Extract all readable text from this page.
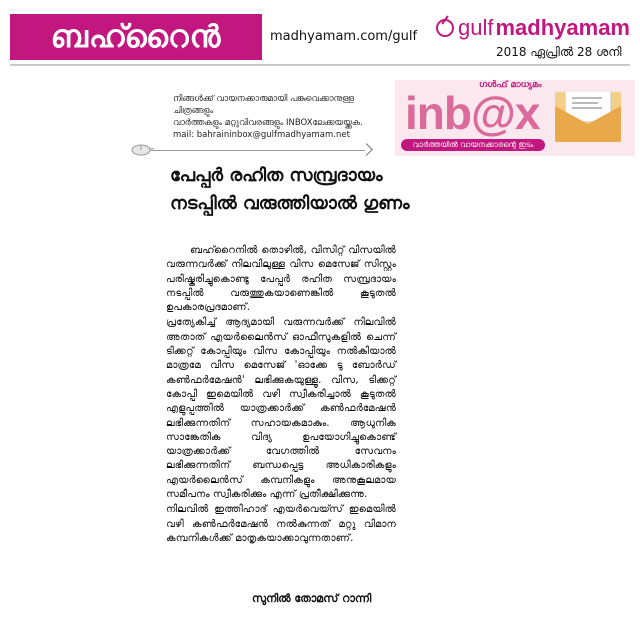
ബഹ്റൈൻ	madhyamam.com/gulf gulf madhyamam
2018 ഏപ്രിൽ 28 ശനി
നിങ്ങൾക്ക് വായനക്കാരുമായി പങ്കുവെക്കാനുള്ള ചിത്രങ്ങളും
വാർത്തകളും മറ്റുവിവരങ്ങളും INBOXലേക്കയയ്ക്കുക.
mail: bahraininbox@gulfmadhyamam.net
ഗൾഫ് മാധ്യമം
inb@x
വാർത്തയിൽ വായനക്കാരന്റെ ഇടം
പേപ്പർ രഹിത സമ്പ്രദായം നടപ്പിൽ വരുത്തിയാൽ ഗുണം

ബഹ്റൈനിൽ തൊഴിൽ, വിസിറ്റ് വിസയിൽ വരുന്നവർക്ക് നിലവിലുള്ള വിസ മെസേജ് സിസ്റ്റം പരിഷ്കരിച്ചുകൊണ്ടു പേപ്പർ രഹിത സമ്പ്രദായം നടപ്പിൽ വരുത്തുകയാണെങ്കിൽ കൂടുതൽ ഉപകാരപ്രദമാണ്.

പ്രത്യേകിച്ച് ആദ്യമായി വരുന്നവർക്ക് നിലവിൽ അതാത് എയർലൈൻസ് ഓഫീസുകളിൽ ചെന്ന് ടിക്കറ്റ് കോപ്പിയും വിസ കോപ്പിയും നൽകിയാൽ മാത്രമേ വിസ മെസേജ് 'ഓക്കേ ടു ബോർഡ് കൺഫർമേഷൻ' ലഭിക്കുകയുള്ളൂ. വിസ, ടിക്കറ്റ് കോപ്പി ഇമെയിൽ വഴി സ്വീകരിച്ചാൽ കൂടുതൽ എളുപ്പത്തിൽ യാത്രക്കാർക്ക് കൺഫർമേഷൻ ലഭിക്കുന്നതിന് സഹായകമാകും. ആധുനിക സാങ്കേതിക വിദ്യ ഉപയോഗിച്ചുകൊണ്ട് യാത്രക്കാർക്ക് വേഗത്തിൽ സേവനം ലഭിക്കുന്നതിന് ബന്ധപ്പെട്ട അധികാരികളും എയർലൈൻസ് കമ്പനികളും അനുകൂലമായ സമീപനം സ്വീകരിക്കും എന്ന് പ്രതീക്ഷിക്കുന്നു.

നിലവിൽ ഇത്തിഹാദ് എയർവെയ്സ് ഇമെയിൽ വഴി കൺഫർമേഷൻ നൽകുന്നത് മറ്റു വിമാന കമ്പനികൾക്ക് മാതൃകയാക്കാവുന്നതാണ്.

സുനിൽ തോമസ് റാന്നി
